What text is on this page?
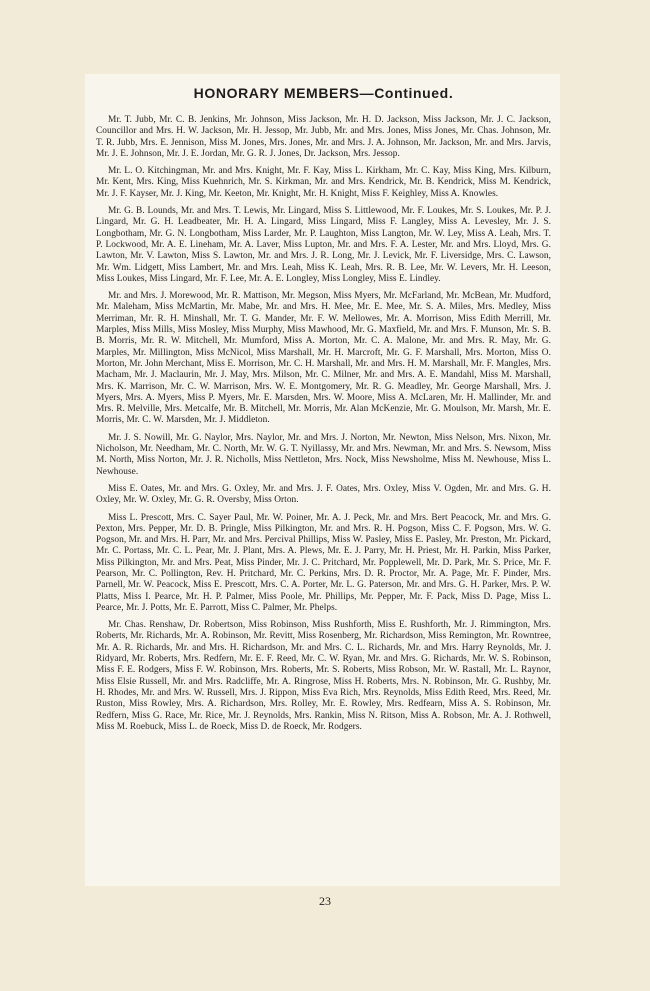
HONORARY MEMBERS—Continued.

Mr. T. Jubb, Mr. C. B. Jenkins, Mr. Johnson, Miss Jackson, Mr. H. D. Jackson, Miss Jackson, Mr. J. C. Jackson, Councillor and Mrs. H. W. Jackson, Mr. H. Jessop, Mr. Jubb, Mr. and Mrs. Jones, Miss Jones, Mr. Chas. Johnson, Mr. T. R. Jubb, Mrs. E. Jennison, Miss M. Jones, Mrs. Jones, Mr. and Mrs. J. A. Johnson, Mr. Jackson, Mr. and Mrs. Jarvis, Mr. J. E. Johnson, Mr. J. E. Jordan, Mr. G. R. J. Jones, Dr. Jackson, Mrs. Jessop.

Mr. L. O. Kitchingman, Mr. and Mrs. Knight, Mr. F. Kay, Miss L. Kirkham, Mr. C. Kay, Miss King, Mrs. Kilburn, Mr. Kent, Mrs. King, Miss Kuehnrich, Mr. S. Kirkman, Mr. and Mrs. Kendrick, Mr. B. Kendrick, Miss M. Kendrick, Mr. J. F. Kayser, Mr. J. King, Mr. Keeton, Mr. Knight, Mr. H. Knight, Miss F. Keighley, Miss A. Knowles.

Mr. G. B. Lounds, Mr. and Mrs. T. Lewis, Mr. Lingard, Miss S. Littlewood, Mr. F. Loukes, Mr. S. Loukes, Mr. P. J. Lingard, Mr. G. H. Leadbeater, Mr. H. A. Lingard, Miss Lingard, Miss F. Langley, Miss A. Levesley, Mr. J. S. Longbotham, Mr. G. N. Longbotham, Miss Larder, Mr. P. Laughton, Miss Langton, Mr. W. Ley, Miss A. Leah, Mrs. T. P. Lockwood, Mr. A. E. Lineham, Mr. A. Laver, Miss Lupton, Mr. and Mrs. F. A. Lester, Mr. and Mrs. Lloyd, Mrs. G. Lawton, Mr. V. Lawton, Miss S. Lawton, Mr. and Mrs. J. R. Long, Mr. J. Levick, Mr. F. Liversidge, Mrs. C. Lawson, Mr. Wm. Lidgett, Miss Lambert, Mr. and Mrs. Leah, Miss K. Leah, Mrs. R. B. Lee, Mr. W. Levers, Mr. H. Leeson, Miss Loukes, Miss Lingard, Mr. F. Lee, Mr. A. E. Longley, Miss Longley, Miss E. Lindley.

Mr. and Mrs. J. Morewood, Mr. R. Mattison, Mr. Megson, Miss Myers, Mr. McFarland, Mr. McBean, Mr. Mudford, Mr. Maleham, Miss McMartin, Mr. Mabe, Mr. and Mrs. H. Mee, Mr. E. Mee, Mr. S. A. Miles, Mrs. Medley, Miss Merriman, Mr. R. H. Minshall, Mr. T. G. Mander, Mr. F. W. Mellowes, Mr. A. Morrison, Miss Edith Merrill, Mr. Marples, Miss Mills, Miss Mosley, Miss Murphy, Miss Mawhood, Mr. G. Maxfield, Mr. and Mrs. F. Munson, Mr. S. B. B. Morris, Mr. R. W. Mitchell, Mr. Mumford, Miss A. Morton, Mr. C. A. Malone, Mr. and Mrs. R. May, Mr. G. Marples, Mr. Millington, Miss McNicol, Miss Marshall, Mr. H. Marcroft, Mr. G. F. Marshall, Mrs. Morton, Miss O. Morton, Mr. John Merchant, Miss E. Morrison, Mr. C. H. Marshall, Mr. and Mrs. H. M. Marshall, Mr. F. Mangles, Mrs. Macham, Mr. J. Maclaurin, Mr. J. May, Mrs. Milson, Mr. C. Milner, Mr. and Mrs. A. E. Mandahl, Miss M. Marshall, Mrs. K. Marrison, Mr. C. W. Marrison, Mrs. W. E. Montgomery, Mr. R. G. Meadley, Mr. George Marshall, Mrs. J. Myers, Mrs. A. Myers, Miss P. Myers, Mr. E. Marsden, Mrs. W. Moore, Miss A. McLaren, Mr. H. Mallinder, Mr. and Mrs. R. Melville, Mrs. Metcalfe, Mr. B. Mitchell, Mr. Morris, Mr. Alan McKenzie, Mr. G. Moulson, Mr. Marsh, Mr. E. Morris, Mr. C. W. Marsden, Mr. J. Middleton.

Mr. J. S. Nowill, Mr. G. Naylor, Mrs. Naylor, Mr. and Mrs. J. Norton, Mr. Newton, Miss Nelson, Mrs. Nixon, Mr. Nicholson, Mr. Needham, Mr. C. North, Mr. W. G. T. Nyillassy, Mr. and Mrs. Newman, Mr. and Mrs. S. Newsom, Miss M. North, Miss Norton, Mr. J. R. Nicholls, Miss Nettleton, Mrs. Nock, Miss Newsholme, Miss M. Newhouse, Miss L. Newhouse.

Miss E. Oates, Mr. and Mrs. G. Oxley, Mr. and Mrs. J. F. Oates, Mrs. Oxley, Miss V. Ogden, Mr. and Mrs. G. H. Oxley, Mr. W. Oxley, Mr. G. R. Oversby, Miss Orton.

Miss L. Prescott, Mrs. C. Sayer Paul, Mr. W. Poiner, Mr. A. J. Peck, Mr. and Mrs. Bert Peacock, Mr. and Mrs. G. Pexton, Mrs. Pepper, Mr. D. B. Pringle, Miss Pilkington, Mr. and Mrs. R. H. Pogson, Miss C. F. Pogson, Mrs. W. G. Pogson, Mr. and Mrs. H. Parr, Mr. and Mrs. Percival Phillips, Miss W. Pasley, Miss E. Pasley, Mr. Preston, Mr. Pickard, Mr. C. Portass, Mr. C. L. Pear, Mr. J. Plant, Mrs. A. Plews, Mr. E. J. Parry, Mr. H. Priest, Mr. H. Parkin, Miss Parker, Miss Pilkington, Mr. and Mrs. Peat, Miss Pinder, Mr. J. C. Pritchard, Mr. Popplewell, Mr. D. Park, Mr. S. Price, Mr. F. Pearson, Mr. C. Pollington, Rev. H. Pritchard, Mr. C. Perkins, Mrs. D. R. Proctor, Mr. A. Page, Mr. F. Pinder, Mrs. Parnell, Mr. W. Peacock, Miss E. Prescott, Mrs. C. A. Porter, Mr. L. G. Paterson, Mr. and Mrs. G. H. Parker, Mrs. P. W. Platts, Miss I. Pearce, Mr. H. P. Palmer, Miss Poole, Mr. Phillips, Mr. Pepper, Mr. F. Pack, Miss D. Page, Miss L. Pearce, Mr. J. Potts, Mr. E. Parrott, Miss C. Palmer, Mr. Phelps.

Mr. Chas. Renshaw, Dr. Robertson, Miss Robinson, Miss Rushforth, Miss E. Rushforth, Mr. J. Rimmington, Mrs. Roberts, Mr. Richards, Mr. A. Robinson, Mr. Revitt, Miss Rosenberg, Mr. Richardson, Miss Remington, Mr. Rowntree, Mr. A. R. Richards, Mr. and Mrs. H. Richardson, Mr. and Mrs. C. L. Richards, Mr. and Mrs. Harry Reynolds, Mr. J. Ridyard, Mr. Roberts, Mrs. Redfern, Mr. E. F. Reed, Mr. C. W. Ryan, Mr. and Mrs. G. Richards, Mr. W. S. Robinson, Miss F. E. Rodgers, Miss F. W. Robinson, Mrs. Roberts, Mr. S. Roberts, Miss Robson, Mr. W. Rastall, Mr. L. Raynor, Miss Elsie Russell, Mr. and Mrs. Radcliffe, Mr. A. Ringrose, Miss H. Roberts, Mrs. N. Robinson, Mr. G. Rushby, Mr. H. Rhodes, Mr. and Mrs. W. Russell, Mrs. J. Rippon, Miss Eva Rich, Mrs. Reynolds, Miss Edith Reed, Mrs. Reed, Mr. Ruston, Miss Rowley, Mrs. A. Richardson, Mrs. Rolley, Mr. E. Rowley, Mrs. Redfearn, Miss A. S. Robinson, Mr. Redfern, Miss G. Race, Mr. Rice, Mr. J. Reynolds, Mrs. Rankin, Miss N. Ritson, Miss A. Robson, Mr. A. J. Rothwell, Miss M. Roebuck, Miss L. de Roeck, Miss D. de Roeck, Mr. Rodgers.

23
